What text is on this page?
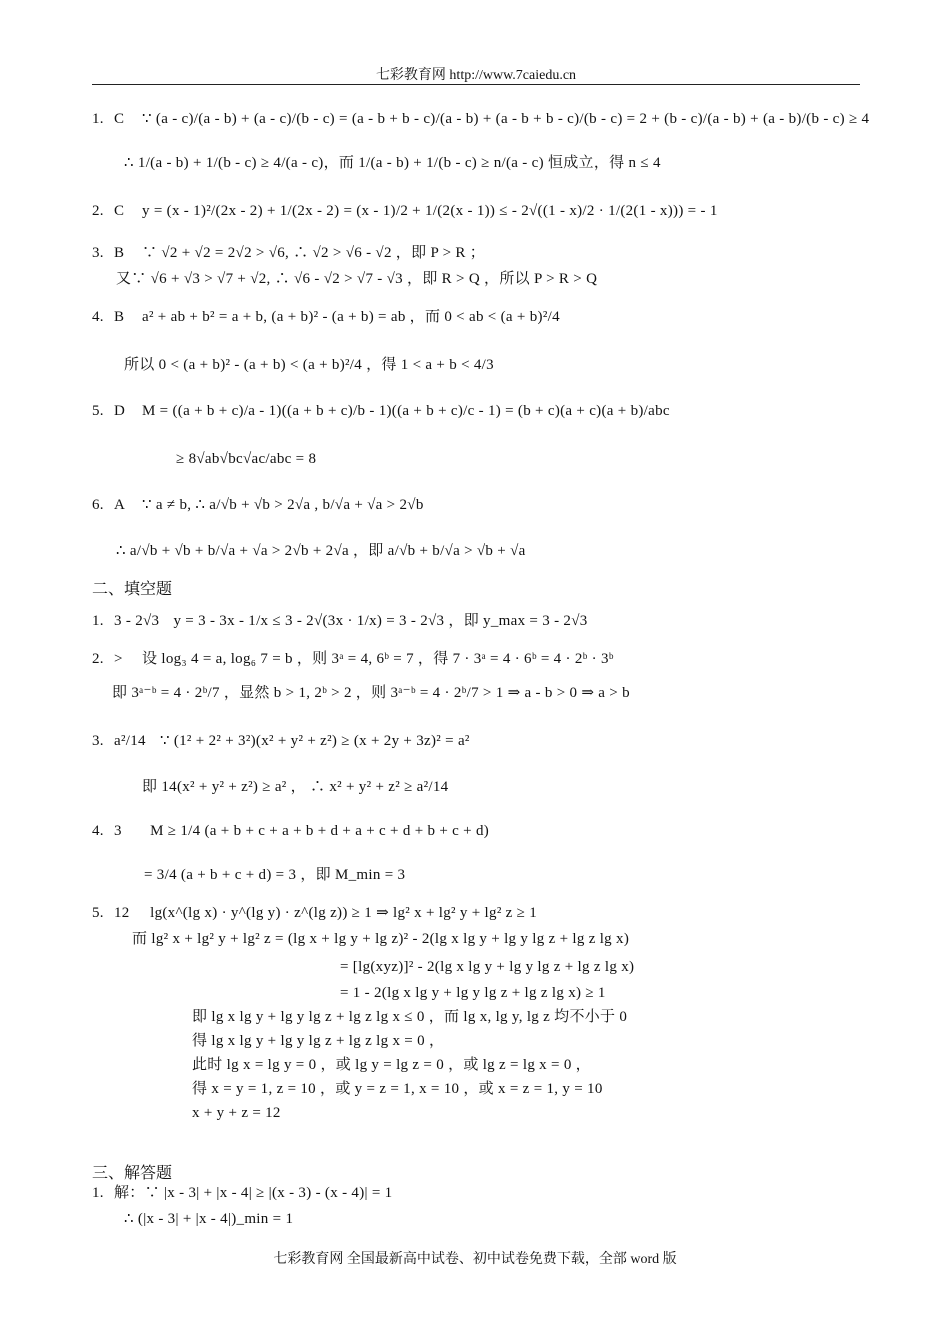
七彩教育网 http://www.7caiedu.cn
1. C ∵ (a - c)/(a - b) + (a - c)/(b - c) = (a - b + b - c)/(a - b) + (a - b + b - c)/(b - c) = 2 + (b - c)/(a - b) + (a - b)/(b - c) ≥ 4
∴ 1/(a - b) + 1/(b - c) ≥ 4/(a - c)，而 1/(a - b) + 1/(b - c) ≥ n/(a - c) 恒成立，得 n ≤ 4
2. C y = (x - 1)²/(2x - 2) + 1/(2x - 2) = (x - 1)/2 + 1/(2(x - 1)) ≤ - 2√((1 - x)/2 · 1/(2(1 - x))) = - 1
3. B ∵ √2 + √2 = 2√2 > √6, ∴ √2 > √6 - √2 ，即 P > R ；
又∵ √6 + √3 > √7 + √2, ∴ √6 - √2 > √7 - √3 ，即 R > Q ，所以 P > R > Q
4. B a² + ab + b² = a + b, (a + b)² - (a + b) = ab ，而 0 < ab < (a + b)²/4
所以 0 < (a + b)² - (a + b) < (a + b)²/4 ，得 1 < a + b < 4/3
5. D M = ((a + b + c)/a - 1)((a + b + c)/b - 1)((a + b + c)/c - 1) = (b + c)(a + c)(a + b)/abc
≥ 8√ab√bc√ac/abc = 8
6. A ∵ a ≠ b, ∴ a/√b + √b > 2√a , b/√a + √a > 2√b
∴ a/√b + √b + b/√a + √a > 2√b + 2√a ，即 a/√b + b/√a > √b + √a
二、填空题
1. 3 - 2√3 y = 3 - 3x - 1/x ≤ 3 - 2√(3x · 1/x) = 3 - 2√3 ，即 y_max = 3 - 2√3
2. > 设 log₃ 4 = a, log₆ 7 = b ，则 3ᵃ = 4, 6ᵇ = 7 ，得 7 · 3ᵃ = 4 · 6ᵇ = 4 · 2ᵇ · 3ᵇ
即 3ᵃ⁻ᵇ = 4 · 2ᵇ/7 ，显然 b > 1, 2ᵇ > 2 ，则 3ᵃ⁻ᵇ = 4 · 2ᵇ/7 > 1 ⇒ a - b > 0 ⇒ a > b
3. a²/14 ∵ (1² + 2² + 3²)(x² + y² + z²) ≥ (x + 2y + 3z)² = a²
即 14(x² + y² + z²) ≥ a² ， ∴ x² + y² + z² ≥ a²/14
4. 3 M ≥ 1/4 (a + b + c + a + b + d + a + c + d + b + c + d)
= 3/4 (a + b + c + d) = 3 ，即 M_min = 3
5. 12 lg(x^(lg x) · y^(lg y) · z^(lg z)) ≥ 1 ⇒ lg² x + lg² y + lg² z ≥ 1
而 lg² x + lg² y + lg² z = (lg x + lg y + lg z)² - 2(lg x lg y + lg y lg z + lg z lg x)
= [lg(xyz)]² - 2(lg x lg y + lg y lg z + lg z lg x)
= 1 - 2(lg x lg y + lg y lg z + lg z lg x) ≥ 1
即 lg x lg y + lg y lg z + lg z lg x ≤ 0 ，而 lg x, lg y, lg z 均不小于 0
得 lg x lg y + lg y lg z + lg z lg x = 0 ，
此时 lg x = lg y = 0 ，或 lg y = lg z = 0 ，或 lg z = lg x = 0 ，
得 x = y = 1, z = 10 ，或 y = z = 1, x = 10 ，或 x = z = 1, y = 10
x + y + z = 12
三、解答题
1. 解：∵ |x - 3| + |x - 4| ≥ |(x - 3) - (x - 4)| = 1
∴ (|x - 3| + |x - 4|)_min = 1
七彩教育网 全国最新高中试卷、初中试卷免费下载，全部 word 版
